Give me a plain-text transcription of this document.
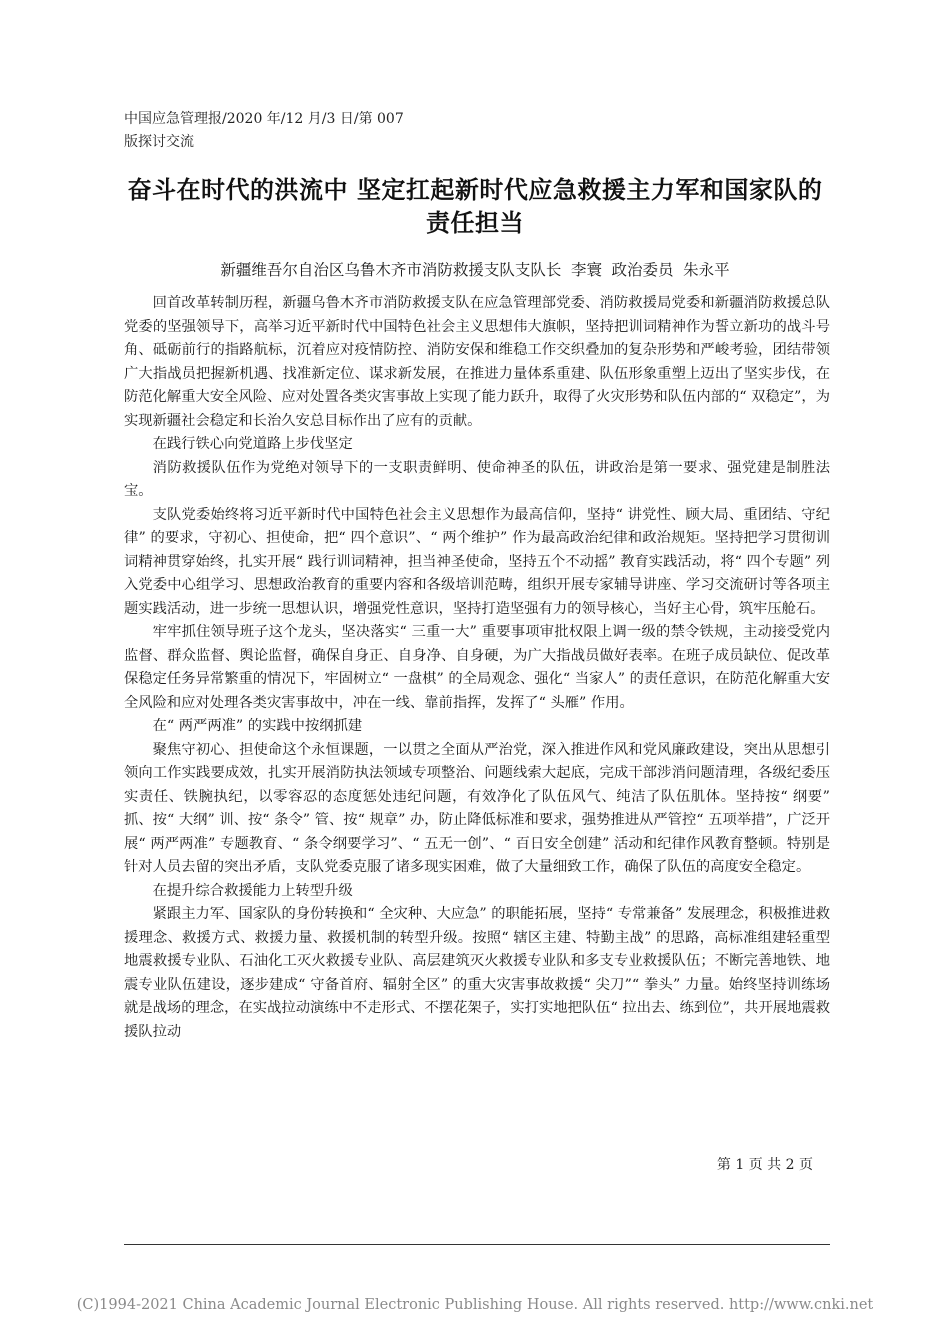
中国应急管理报/2020 年/12 月/3 日/第 007
版探讨交流
奋斗在时代的洪流中 坚定扛起新时代应急救援主力军和国家队的责任担当
新疆维吾尔自治区乌鲁木齐市消防救援支队支队长 李寰 政治委员 朱永平

回首改革转制历程，新疆乌鲁木齐市消防救援支队在应急管理部党委、消防救援局党委和新疆消防救援总队党委的坚强领导下，高举习近平新时代中国特色社会主义思想伟大旗帜，坚持把训词精神作为誓立新功的战斗号角、砥砺前行的指路航标，沉着应对疫情防控、消防安保和维稳工作交织叠加的复杂形势和严峻考验，团结带领广大指战员把握新机遇、找准新定位、谋求新发展，在推进力量体系重建、队伍形象重塑上迈出了坚实步伐，在防范化解重大安全风险、应对处置各类灾害事故上实现了能力跃升，取得了火灾形势和队伍内部的“ 双稳定”，为实现新疆社会稳定和长治久安总目标作出了应有的贡献。

在践行铁心向党道路上步伐坚定

消防救援队伍作为党绝对领导下的一支职责鲜明、使命神圣的队伍，讲政治是第一要求、强党建是制胜法宝。

支队党委始终将习近平新时代中国特色社会主义思想作为最高信仰，坚持“ 讲党性、顾大局、重团结、守纪律” 的要求，守初心、担使命，把“ 四个意识”、“ 两个维护” 作为最高政治纪律和政治规矩。坚持把学习贯彻训词精神贯穿始终，扎实开展“ 践行训词精神，担当神圣使命，坚持五个不动摇” 教育实践活动，将“ 四个专题” 列入党委中心组学习、思想政治教育的重要内容和各级培训范畴，组织开展专家辅导讲座、学习交流研讨等各项主题实践活动，进一步统一思想认识，增强党性意识，坚持打造坚强有力的领导核心，当好主心骨，筑牢压舱石。

牢牢抓住领导班子这个龙头，坚决落实“ 三重一大” 重要事项审批权限上调一级的禁令铁规，主动接受党内监督、群众监督、舆论监督，确保自身正、自身净、自身硬，为广大指战员做好表率。在班子成员缺位、促改革保稳定任务异常繁重的情况下，牢固树立“ 一盘棋” 的全局观念、强化“ 当家人” 的责任意识，在防范化解重大安全风险和应对处理各类灾害事故中，冲在一线、靠前指挥，发挥了“ 头雁” 作用。

在“ 两严两准” 的实践中按纲抓建

聚焦守初心、担使命这个永恒课题，一以贯之全面从严治党，深入推进作风和党风廉政建设，突出从思想引领向工作实践要成效，扎实开展消防执法领域专项整治、问题线索大起底，完成干部涉消问题清理，各级纪委压实责任、铁腕执纪，以零容忍的态度惩处违纪问题，有效净化了队伍风气、纯洁了队伍肌体。坚持按“ 纲要” 抓、按“ 大纲” 训、按“ 条令” 管、按“ 规章” 办，防止降低标准和要求，强势推进从严管控“ 五项举措”，广泛开展“ 两严两准” 专题教育、“ 条令纲要学习”、“ 五无一创”、“ 百日安全创建” 活动和纪律作风教育整顿。特别是针对人员去留的突出矛盾，支队党委克服了诸多现实困难，做了大量细致工作，确保了队伍的高度安全稳定。

在提升综合救援能力上转型升级

紧跟主力军、国家队的身份转换和“ 全灾种、大应急” 的职能拓展，坚持“ 专常兼备” 发展理念，积极推进救援理念、救援方式、救援力量、救援机制的转型升级。按照“ 辖区主建、特勤主战” 的思路，高标准组建轻重型地震救援专业队、石油化工灭火救援专业队、高层建筑灭火救援专业队和多支专业救援队伍；不断完善地铁、地震专业队伍建设，逐步建成“ 守备首府、辐射全区” 的重大灾害事故救援“ 尖刀”“ 拳头” 力量。始终坚持训练场就是战场的理念，在实战拉动演练中不走形式、不摆花架子，实打实地把队伍“ 拉出去、练到位”，共开展地震救援队拉动

第 1 页 共 2 页
(C)1994-2021 China Academic Journal Electronic Publishing House. All rights reserved. http://www.cnki.net
